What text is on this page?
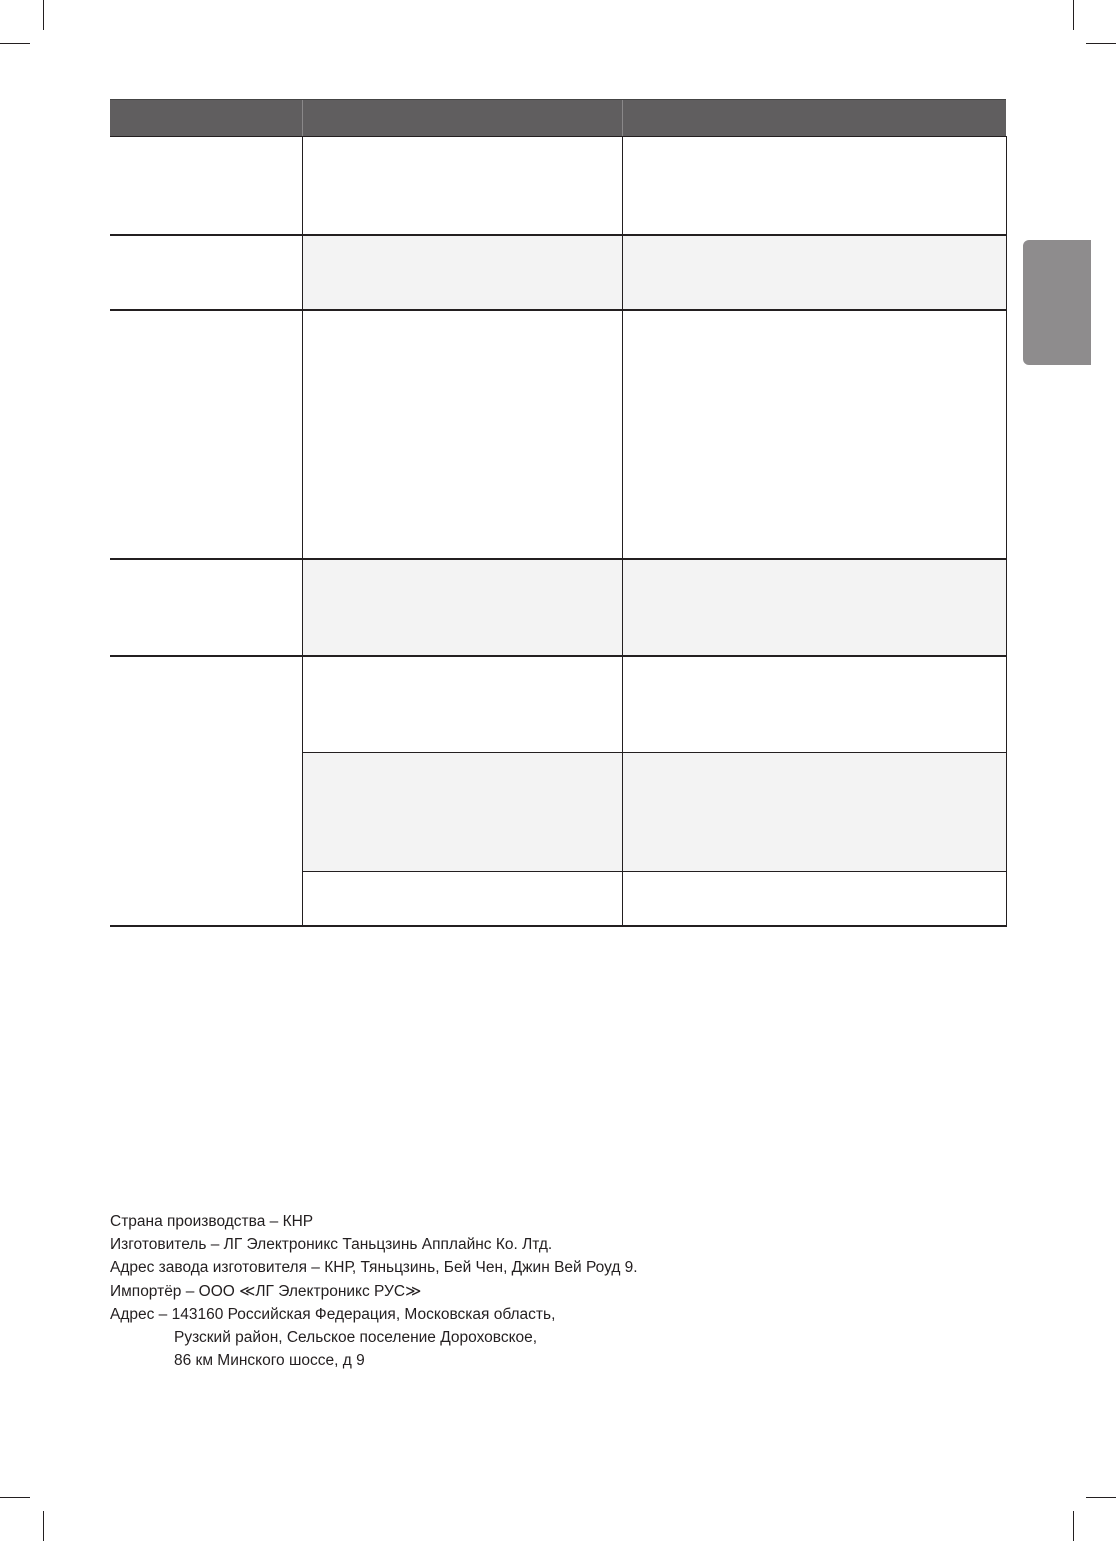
Страна производства – КНР
Изготовитель – ЛГ Электроникс Таньцзинь Апплайнс Ко. Лтд.
Адрес завода изготовителя – КНР, Тяньцзинь, Бей Чен, Джин Вей Роуд 9.
Импортёр – ООО ≪ЛГ Электроникс РУС≫
Адрес – 143160 Российская Федерация, Московская область,
Рузский район, Сельское поселение Дороховское,
86 км Минского шоссе, д 9
